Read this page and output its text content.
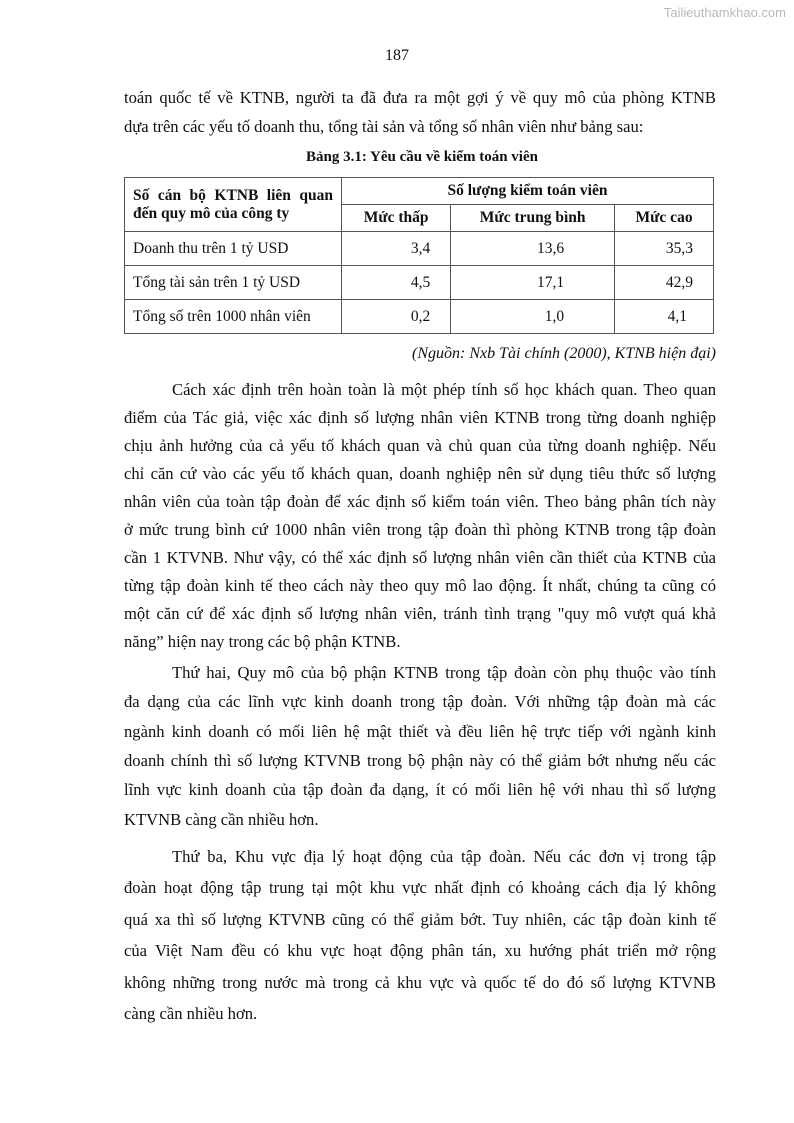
Tailieuthamkhao.com
187
toán quốc tế về KTNB, người ta đã đưa ra một gợi ý về quy mô của phòng KTNB
dựa trên các yếu tố doanh thu, tổng tài sản và tổng số nhân viên như bảng sau:
Bảng 3.1: Yêu cầu về kiểm toán viên
Số cán bộ KTNB liên quan đến quy mô của công ty	Số lượng kiểm toán viên		
	Mức thấp	Mức trung bình	Mức cao
Doanh thu trên 1 tỷ USD	3,4	13,6	35,3
Tổng tài sản trên 1 tỷ USD	4,5	17,1	42,9
Tổng số trên 1000 nhân viên	0,2	1,0	4,1
(Nguồn: Nxb Tài chính (2000), KTNB hiện đại)
Cách xác định trên hoàn toàn là một phép tính số học khách quan. Theo quan
điểm của Tác giả, việc xác định số lượng nhân viên KTNB trong từng doanh nghiệp
chịu ảnh hưởng của cả yếu tố khách quan và chủ quan của từng doanh nghiệp. Nếu
chỉ căn cứ vào các yếu tố khách quan, doanh nghiệp nên sử dụng tiêu thức số lượng
nhân viên của toàn tập đoàn để xác định số kiểm toán viên. Theo bảng phân tích này
ở mức trung bình cứ 1000 nhân viên trong tập đoàn thì phòng KTNB trong tập đoàn
cần 1 KTVNB. Như vậy, có thể xác định số lượng nhân viên cần thiết của KTNB của
từng tập đoàn kinh tế theo cách này theo quy mô lao động. Ít nhất, chúng ta cũng có
một căn cứ để xác định số lượng nhân viên, tránh tình trạng "quy mô vượt quá khả
năng” hiện nay trong các bộ phận KTNB.
Thứ hai, Quy mô của bộ phận KTNB trong tập đoàn còn phụ thuộc vào tính
đa dạng của các lĩnh vực kinh doanh trong tập đoàn. Với những tập đoàn mà các
ngành kinh doanh có mối liên hệ mật thiết và đều liên hệ trực tiếp với ngành kinh
doanh chính thì số lượng KTVNB trong bộ phận này có thể giảm bớt nhưng nếu các
lĩnh vực kinh doanh của tập đoàn đa dạng, ít có mối liên hệ với nhau thì số lượng
KTVNB càng cần nhiều hơn.
Thứ ba, Khu vực địa lý hoạt động của tập đoàn. Nếu các đơn vị trong tập
đoàn hoạt động tập trung tại một khu vực nhất định có khoảng cách địa lý không
quá xa thì số lượng KTVNB cũng có thể giảm bớt. Tuy nhiên, các tập đoàn kinh tế
của Việt Nam đều có khu vực hoạt động phân tán, xu hướng phát triển mở rộng
không những trong nước mà trong cả khu vực và quốc tế do đó số lượng KTVNB
càng cần nhiều hơn.
